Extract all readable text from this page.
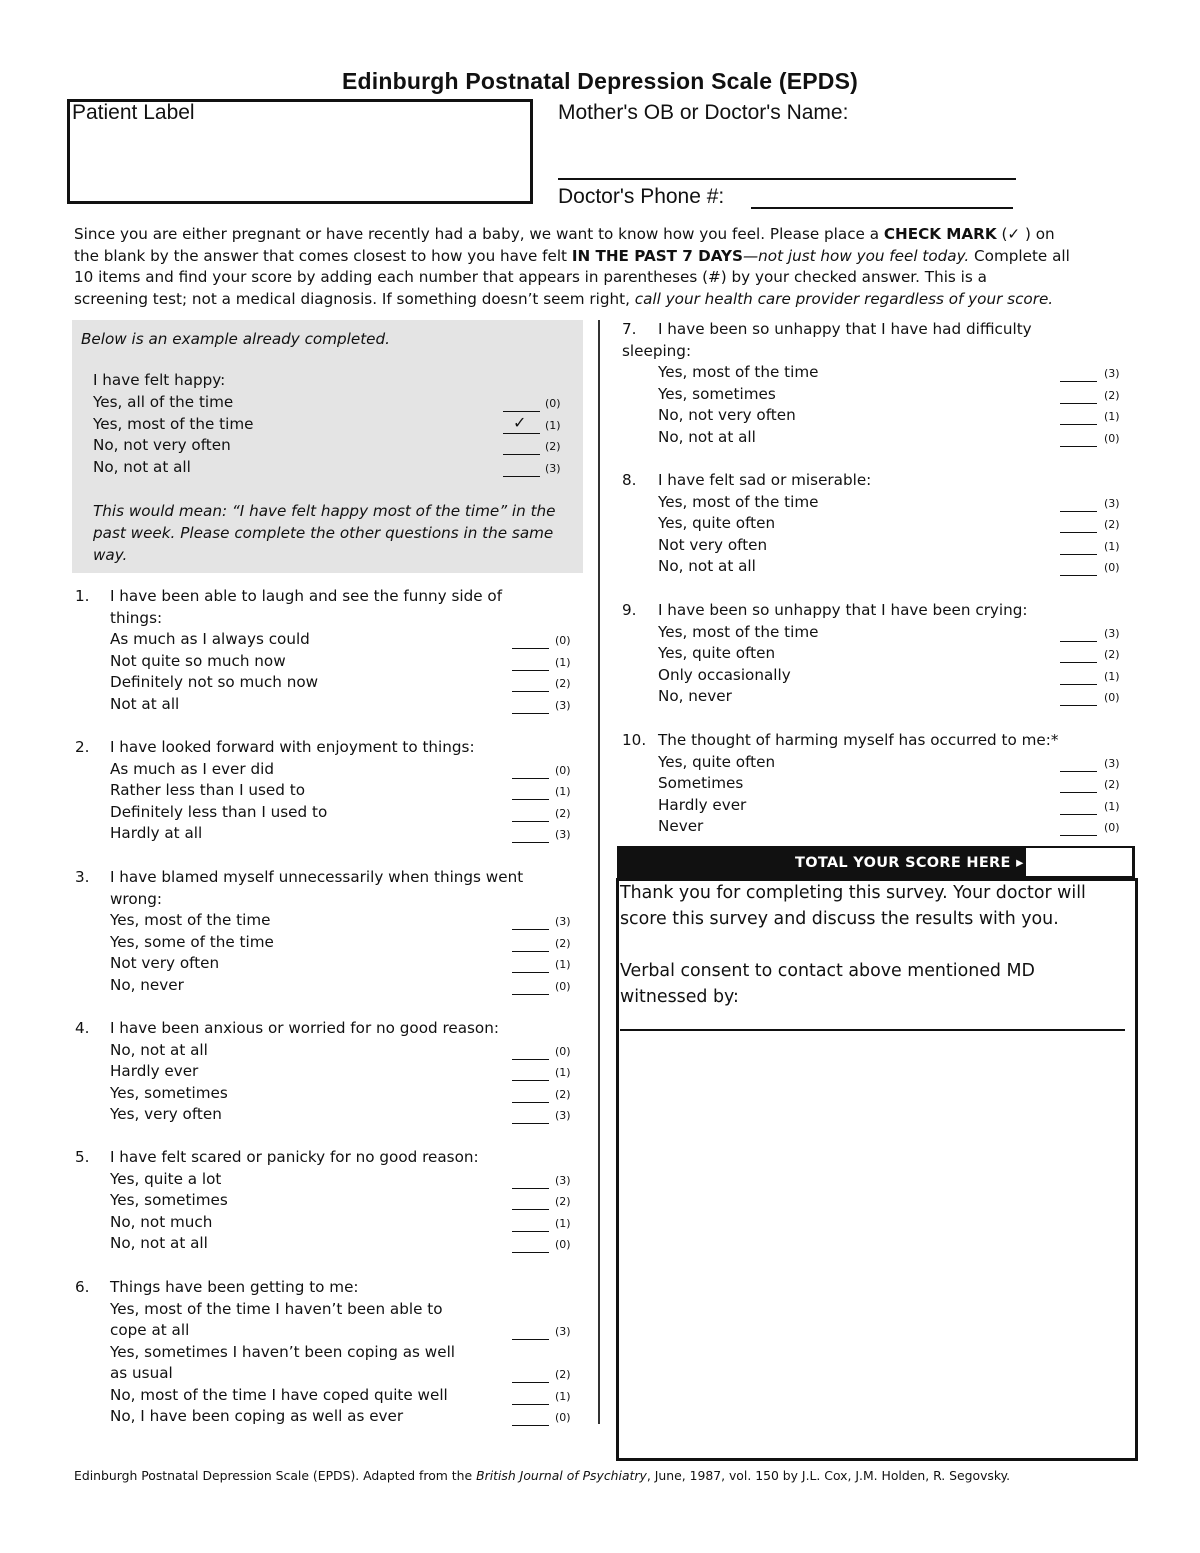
Edinburgh Postnatal Depression Scale (EPDS)
Patient Label	Mother's OB or Doctor's Name:
Doctor's Phone #:
Since you are either pregnant or have recently had a baby, we want to know how you feel. Please place a CHECK MARK (✓ ) on
the blank by the answer that comes closest to how you have felt IN THE PAST 7 DAYS—not just how you feel today. Complete all
10 items and find your score by adding each number that appears in parentheses (#) by your checked answer. This is a
screening test; not a medical diagnosis. If something doesn’t seem right, call your health care provider regardless of your score.
Below is an example already completed.
I have felt happy:
Yes, all of the time	(0)
Yes, most of the time	✓ (1)
No, not very often	(2)
No, not at all	(3)
This would mean: “I have felt happy most of the time” in the past week. Please complete the other questions in the same way.
1. I have been able to laugh and see the funny side of
things:
As much as I always could	(0)
Not quite so much now	(1)
Definitely not so much now	(2)
Not at all	(3)
2. I have looked forward with enjoyment to things:
As much as I ever did	(0)
Rather less than I used to	(1)
Definitely less than I used to	(2)
Hardly at all	(3)
3. I have blamed myself unnecessarily when things went
wrong:
Yes, most of the time	(3)
Yes, some of the time	(2)
Not very often	(1)
No, never	(0)
4. I have been anxious or worried for no good reason:
No, not at all	(0)
Hardly ever	(1)
Yes, sometimes	(2)
Yes, very often	(3)
5. I have felt scared or panicky for no good reason:
Yes, quite a lot	(3)
Yes, sometimes	(2)
No, not much	(1)
No, not at all	(0)
6. Things have been getting to me:
Yes, most of the time I haven’t been able to
cope at all	(3)
Yes, sometimes I haven’t been coping as well
as usual	(2)
No, most of the time I have coped quite well	(1)
No, I have been coping as well as ever	(0)
7. I have been so unhappy that I have had difficulty
sleeping:
Yes, most of the time	(3)
Yes, sometimes	(2)
No, not very often	(1)
No, not at all	(0)
8. I have felt sad or miserable:
Yes, most of the time	(3)
Yes, quite often	(2)
Not very often	(1)
No, not at all	(0)
9. I have been so unhappy that I have been crying:
Yes, most of the time	(3)
Yes, quite often	(2)
Only occasionally	(1)
No, never	(0)
10. The thought of harming myself has occurred to me:*
Yes, quite often	(3)
Sometimes	(2)
Hardly ever	(1)
Never	(0)
TOTAL YOUR SCORE HERE ▸
Thank you for completing this survey. Your doctor will score this survey and discuss the results with you.
Verbal consent to contact above mentioned MD witnessed by:
Edinburgh Postnatal Depression Scale (EPDS). Adapted from the British Journal of Psychiatry, June, 1987, vol. 150 by J.L. Cox, J.M. Holden, R. Segovsky.
